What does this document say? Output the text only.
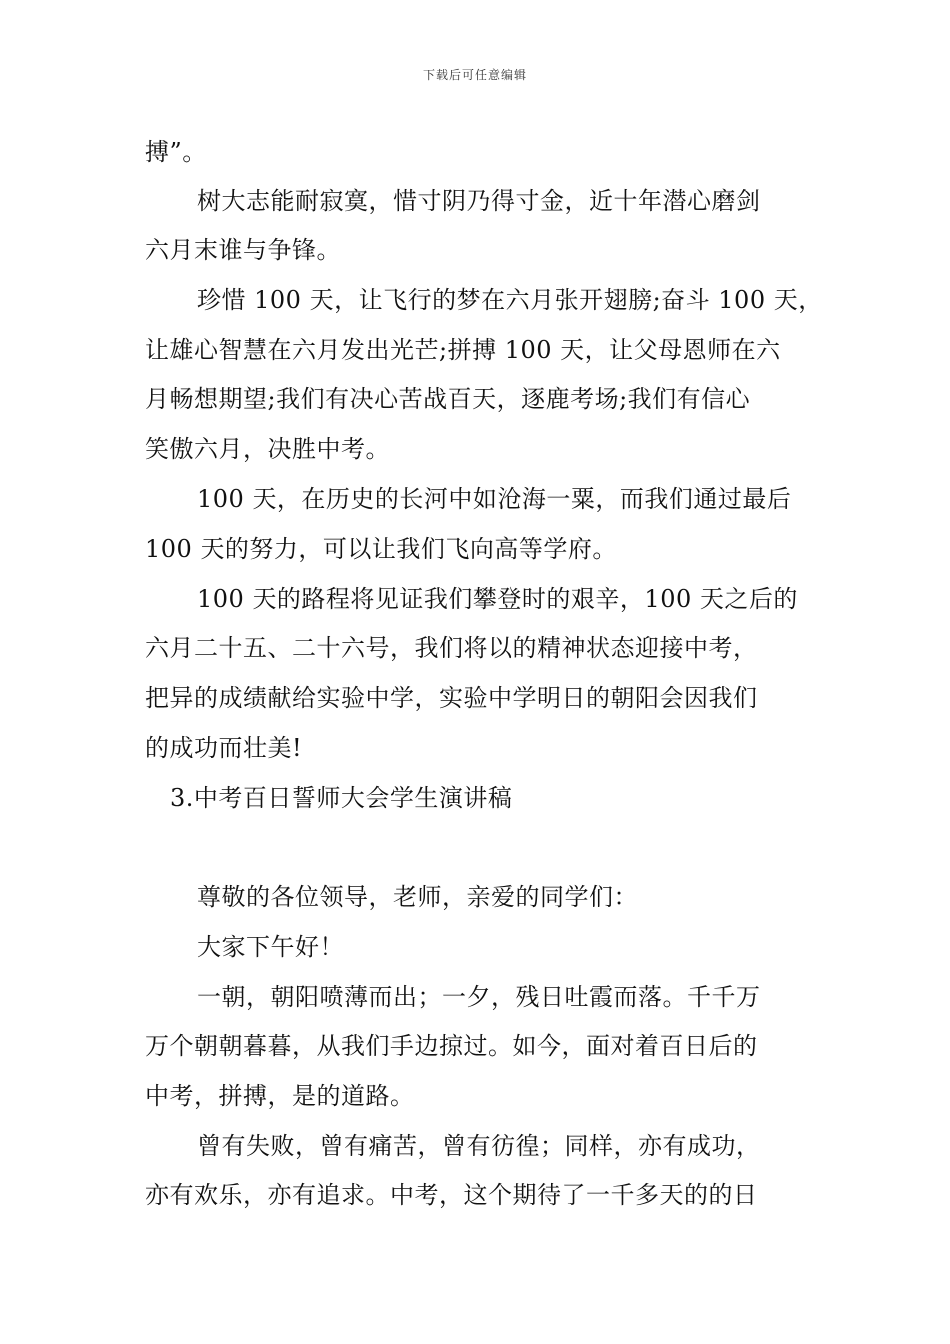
下载后可任意编辑
搏”。
树大志能耐寂寞，惜寸阴乃得寸金，近十年潜心磨剑
六月末谁与争锋。
珍惜 100 天，让飞行的梦在六月张开翅膀;奋斗 100 天，
让雄心智慧在六月发出光芒;拼搏 100 天，让父母恩师在六
月畅想期望;我们有决心苦战百天，逐鹿考场;我们有信心
笑傲六月，决胜中考。
100 天，在历史的长河中如沧海一粟，而我们通过最后
100 天的努力，可以让我们飞向高等学府。
100 天的路程将见证我们攀登时的艰辛，100 天之后的
六月二十五、二十六号，我们将以的精神状态迎接中考，
把异的成绩献给实验中学，实验中学明日的朝阳会因我们
的成功而壮美!
3.中考百日誓师大会学生演讲稿
尊敬的各位领导，老师，亲爱的同学们：
大家下午好！
一朝，朝阳喷薄而出；一夕，残日吐霞而落。千千万
万个朝朝暮暮，从我们手边掠过。如今，面对着百日后的
中考，拼搏，是的道路。
曾有失败，曾有痛苦，曾有彷徨；同样，亦有成功，
亦有欢乐，亦有追求。中考，这个期待了一千多天的的日
